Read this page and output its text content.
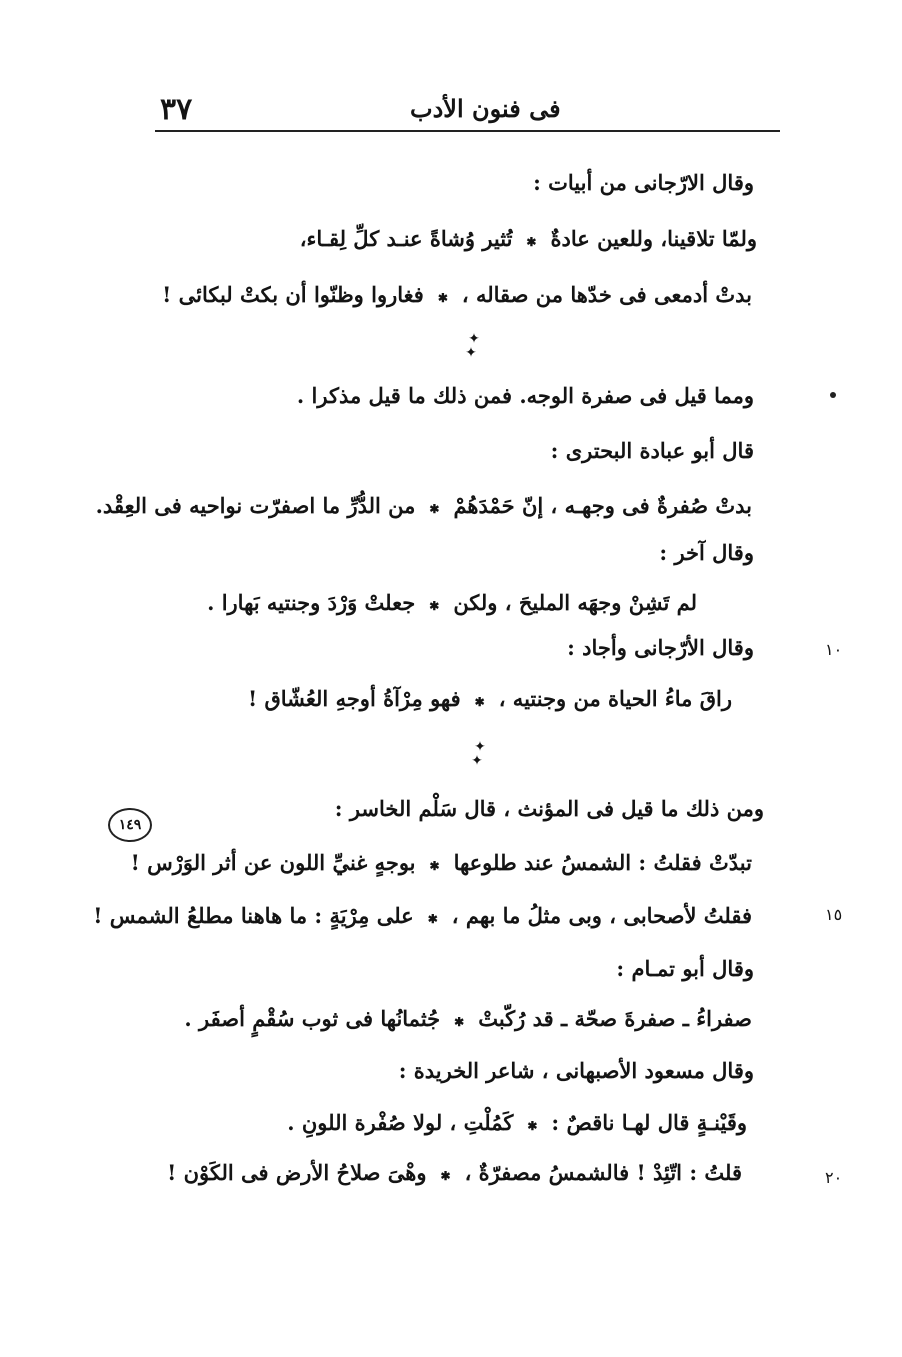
٣٧	فى فنون الأدب
وقال الارّجانى من أبيات :
ولمّا تلاقينا، وللعين عادةٌ
✱
تُثير وُشاةً عنـد كلِّ لِقـاء،
بدتْ أدمعى فى خدّها من صقاله ،
✱
فغاروا وظنّوا أن بكتْ لبكائى !
✦
✦
ومما قيل فى صفرة الوجه. فمن ذلك ما قيل مذكرا .
قال أبو عبادة البحترى :
بدتْ صُفرةٌ فى وجهـه ، إنّ حَمْدَهُمْ
✱
من الدُّرِّ ما اصفرّت نواحيه فى العِقْد.
وقال آخر :
لم تَشِنْ وجهَه المليحَ ، ولكن
✱
جعلتْ وَرْدَ وجنتيه بَهارا .
١٠
وقال الأرّجانى وأجاد :
راقَ ماءُ الحياة من وجنتيه ،
✱
فهو مِرْآةُ أوجهِ العُشّاق !
✦
✦
١٤٩
ومن ذلك ما قيل فى المؤنث ، قال سَلْم الخاسر :
تبدّتْ فقلتُ : الشمسُ عند طلوعها
✱
بوجهٍ غنيِّ اللون عن أثر الوَرْس !
١٥
فقلتُ لأصحابى ، وبى مثلُ ما بهم ،
✱
على مِرْيَةٍ : ما هاهنا مطلعُ الشمس !
وقال أبو تمـام :
صفراءُ ـ صفرةَ صحّة ـ قد رُكّبتْ
✱
جُثمانُها فى ثوب سُقْمٍ أصفَر .
وقال مسعود الأصبهانى ، شاعر الخريدة :
وقَيْنـةٍ قال لهـا ناقصٌ :
✱
كَمُلْتِ ، لولا صُفْرة اللونِ .
٢٠
قلتُ : اتّئِدْ ! فالشمسُ مصفرّةٌ ،
✱
وهْىَ صلاحُ الأرض فى الكَوْن !
